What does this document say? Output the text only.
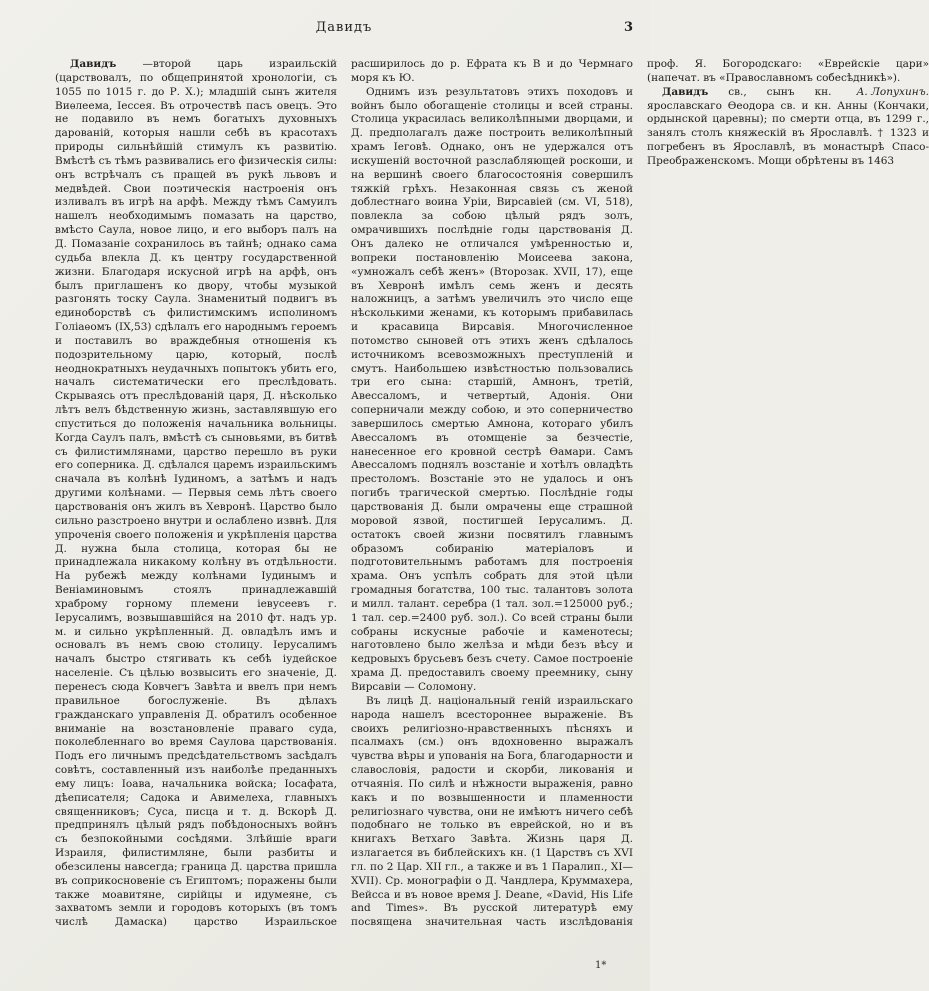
Давидъ	3

Давидъ	—второй царь израильскій (царствовалъ, по общепринятой хронологіи, съ 1055 по 1015 г. до Р. Х.); младшій сынъ жителя Виѳлеема, Іессея. Въ отрочествѣ пасъ овецъ. Это не подавило въ немъ богатыхъ духовныхъ дарованій, которыя нашли себѣ въ красотахъ природы сильнѣйшій стимулъ къ развитію. Вмѣстѣ съ тѣмъ развивались его физическія силы: онъ встрѣчалъ съ пращей въ рукѣ львовъ и медвѣдей. Свои поэтическія настроенія онъ изливалъ въ игрѣ на арфѣ. Между тѣмъ Самуилъ нашелъ необходимымъ помазать на царство, вмѣсто Саула, новое лицо, и его выборъ палъ на Д. Помазаніе сохранилось въ тайнѣ; однако сама судьба влекла Д. къ центру государственной жизни. Благодаря искусной игрѣ на арфѣ, онъ былъ приглашенъ ко двору, чтобы музыкой разгонять тоску Саула. Знаменитый подвигъ въ единоборствѣ съ филистимскимъ исполиномъ Голіаѳомъ (IX,53) сдѣлалъ его народнымъ героемъ и поставилъ во враждебныя отношенія къ подозрительному царю, который, послѣ неоднократныхъ неудачныхъ попытокъ убить его, началъ систематически его преслѣдовать. Скрываясь отъ преслѣдованій царя, Д. нѣсколько лѣтъ велъ бѣдственную жизнь, заставлявшую его спуститься до положенія начальника вольницы. Когда Саулъ палъ, вмѣстѣ съ сыновьями, въ битвѣ съ филистимлянами, царство перешло въ руки его соперника. Д. сдѣлался царемъ израильскимъ сначала въ колѣнѣ Іудиномъ, а затѣмъ и надъ другими колѣнами. — Первыя семь лѣтъ своего царствованія онъ жилъ въ Хевронѣ. Царство было сильно разстроено внутри и ослаблено извнѣ. Для упроченія своего положенія и укрѣпленія царства Д. нужна была столица, которая бы не принадлежала никакому колѣну въ отдѣльности. На рубежѣ между колѣнами Іудинымъ и Веніаминовымъ стоялъ принадлежавшій храброму горному племени іевусеевъ г. Іерусалимъ, возвышавшійся на 2010 фт. надъ ур. м. и сильно укрѣпленный. Д. овладѣлъ имъ и основалъ въ немъ свою столицу. Іерусалимъ началъ быстро стягивать къ себѣ іудейское населеніе. Съ цѣлью возвысить его значеніе, Д. перенесъ сюда Ковчегъ Завѣта и ввелъ при немъ правильное богослуженіе. Въ дѣлахъ гражданскаго управленія Д. обратилъ особенное вниманіе на возстановленіе праваго суда, поколебленнаго во время Саулова царствованія. Подъ его личнымъ предсѣдательствомъ засѣдалъ совѣтъ, составленный изъ наиболѣе преданныхъ ему лицъ: Іоава, начальника войска; Іосафата, дѣеписателя; Садока и Авимелеха, главныхъ священниковъ; Суса, писца и т. д. Вскорѣ Д. предпринялъ цѣлый рядъ побѣдоносныхъ войнъ съ безпокойными сосѣдями. Злѣйшіе враги Израиля, филистимляне, были разбиты и обезсилены навсегда; граница Д. царства пришла въ соприкосновеніе съ Египтомъ; поражены были также моавитяне, сирійцы и идумеяне, съ захватомъ земли и городовъ которыхъ (въ томъ числѣ Дамаска) царство Израильское расширилось до р. Ефрата къ В и до Чермнаго моря къ Ю.

Однимъ изъ результатовъ этихъ походовъ и войнъ было обогащеніе столицы и всей страны. Столица украсилась великолѣпными дворцами, и Д. предполагалъ даже построить великолѣпный храмъ Іеговѣ. Однако, онъ не удержался отъ искушеній восточной разслабляющей роскоши, и на вершинѣ своего благосостоянія совершилъ тяжкій грѣхъ. Незаконная связь съ женой доблестнаго воина Уріи, Вирсавіей (см. VI, 518), повлекла за собою цѣлый рядъ золъ, омрачившихъ послѣдніе годы царствованія Д. Онъ далеко не отличался умѣренностью и, вопреки постановленію Моисеева закона, «умножалъ себѣ женъ» (Второзак. XVII, 17), еще въ Хевронѣ имѣлъ семь женъ и десять наложницъ, а затѣмъ увеличилъ это число еще нѣсколькими женами, къ которымъ прибавилась и красавица Вирсавія. Многочисленное потомство сыновей отъ этихъ женъ сдѣлалось источникомъ всевозможныхъ преступленій и смутъ. Наибольшею извѣстностью пользовались три его сына: старшій, Амнонъ, третій, Авессаломъ, и четвертый, Адонія. Они соперничали между собою, и это соперничество завершилось смертью Амнона, котораго убилъ Авессаломъ въ отомщеніе за безчестіе, нанесенное его кровной сестрѣ Ѳамари. Самъ Авессаломъ поднялъ возстаніе и хотѣлъ овладѣть престоломъ. Возстаніе это не удалось и онъ погибъ трагической смертью. Послѣдніе годы царствованія Д. были омрачены еще страшной моровой язвой, постигшей Іерусалимъ. Д. остатокъ своей жизни посвятилъ главнымъ образомъ собиранію матеріаловъ и подготовительнымъ работамъ для построенія храма. Онъ успѣлъ собрать для этой цѣли громадныя богатства, 100 тыс. талантовъ золота и милл. талант. серебра (1 тал. зол.=125000 руб.; 1 тал. сер.=2400 руб. зол.). Со всей страны были собраны искусные рабочіе и каменотесы; наготовлено было желѣза и мѣди безъ вѣсу и кедровыхъ брусьевъ безъ счету. Самое построеніе храма Д. предоставилъ своему преемнику, сыну Вирсавіи — Соломону.

Въ лицѣ Д. національный геній израильскаго народа нашелъ всестороннее выраженіе. Въ своихъ религіозно-нравственныхъ пѣсняхъ и псалмахъ (см.) онъ вдохновенно выражалъ чувства вѣры и упованія на Бога, благодарности и славословія, радости и скорби, ликованія и отчаянія. По силѣ и нѣжности выраженія, равно какъ и по возвышенности и пламенности религіознаго чувства, они не имѣютъ ничего себѣ подобнаго не только въ еврейской, но и въ книгахъ Ветхаго Завѣта. Жизнь царя Д. излагается въ библейскихъ кн. (1 Царствъ съ XVI гл. по 2 Цар. XII гл., а также и въ 1 Паралип., XI—XVII). Ср. монографіи о Д. Чандлера, Круммахера, Вейсса и въ новое время J. Deane, «David, His Life and Times». Въ русской литературѣ ему посвящена значительная часть изслѣдованія проф. Я. Богородскаго: «Еврейскіе цари» (напечат. въ «Православномъ собесѣдникѣ»).
А. Лопухинъ.

Давидъ св., сынъ кн. ярославскаго Ѳеодора св. и кн. Анны (Кончаки, ордынской царевны); по смерти отца, въ 1299 г., занялъ столъ княжескій въ Ярославлѣ. † 1323 и погребенъ въ Ярославлѣ, въ монастырѣ Спасо-Преображенскомъ. Мощи обрѣтены въ 1463

1*
